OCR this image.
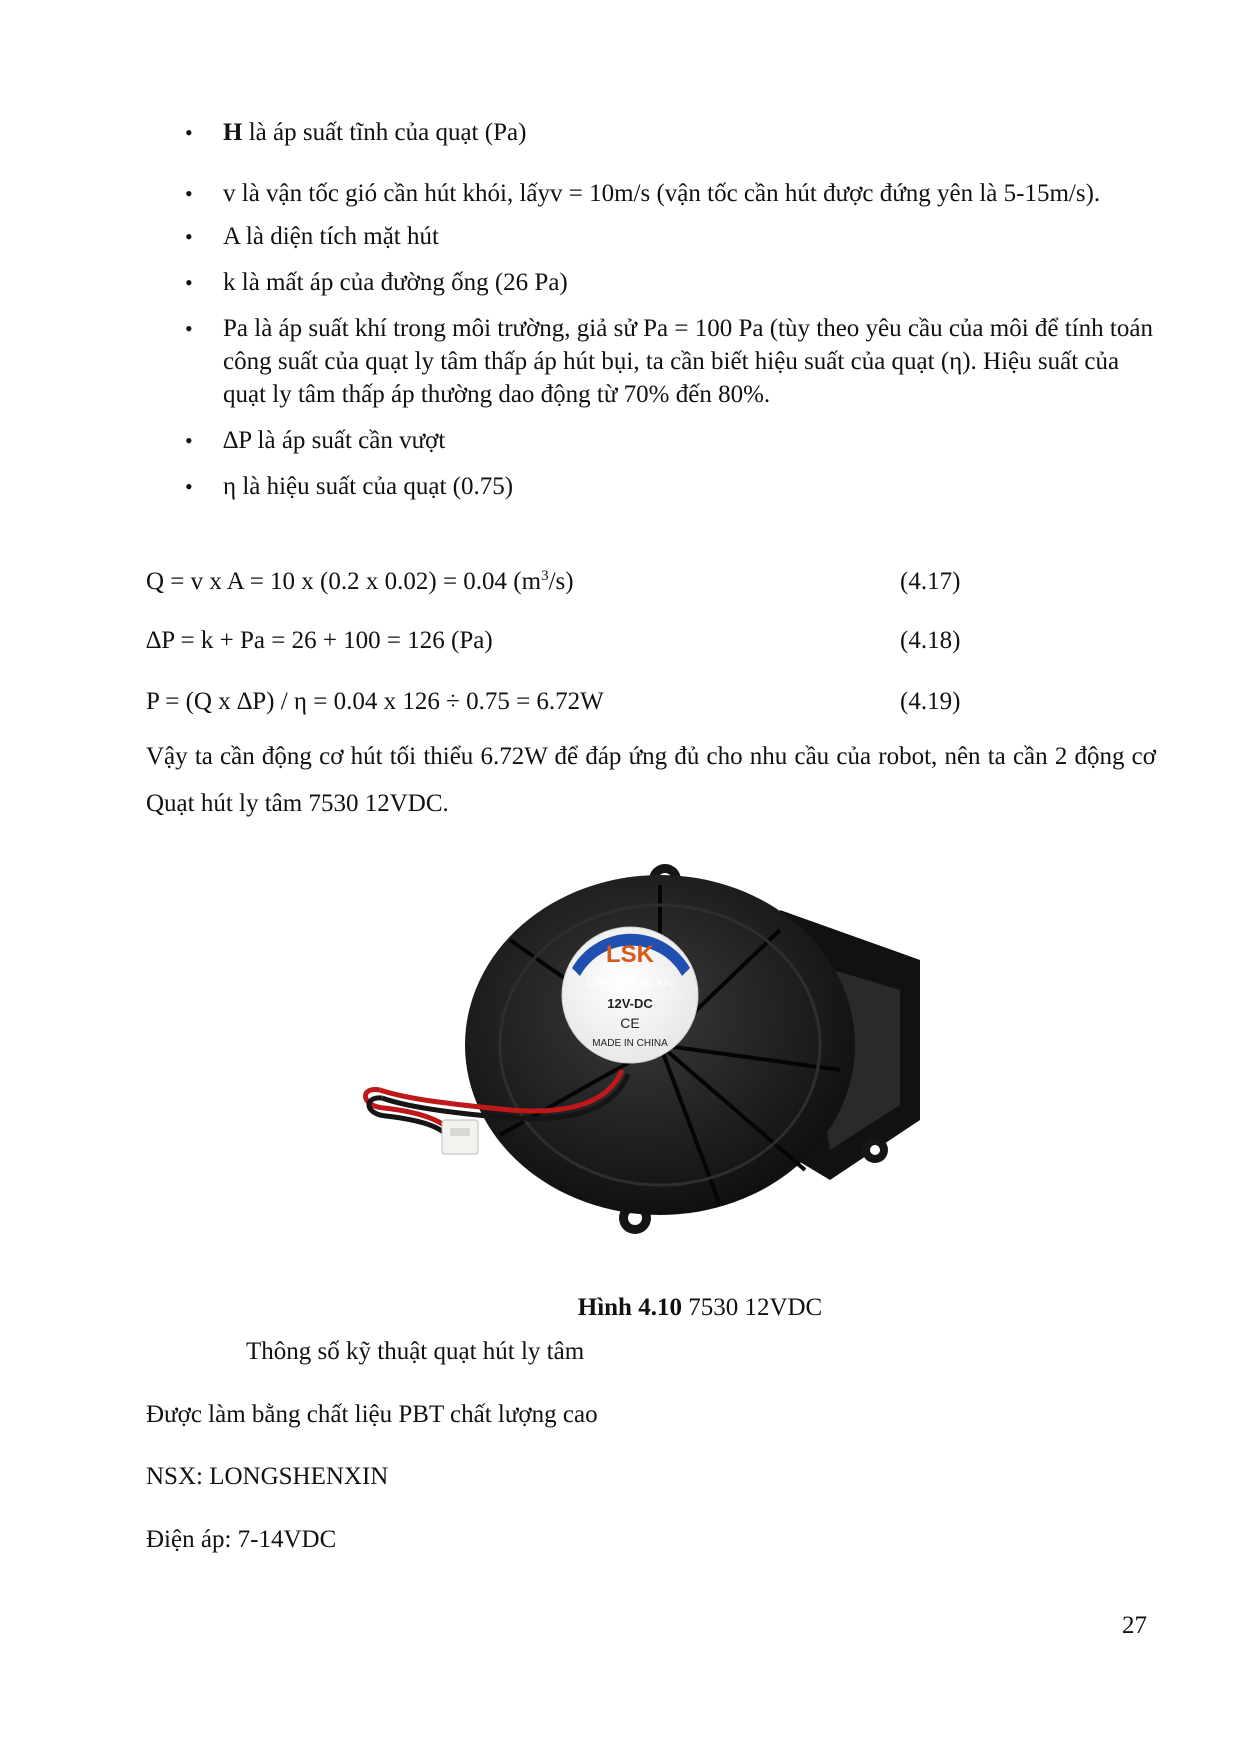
• H là áp suất tĩnh của quạt (Pa)
• v là vận tốc gió cần hút khói, lấyv = 10m/s (vận tốc cần hút được đứng yên là 5-15m/s).
• A là diện tích mặt hút
• k là mất áp của đường ống (26 Pa)
• Pa là áp suất khí trong môi trường, giả sử Pa = 100 Pa (tùy theo yêu cầu của môi để tính toán công suất của quạt ly tâm thấp áp hút bụi, ta cần biết hiệu suất của quạt (η). Hiệu suất của quạt ly tâm thấp áp thường dao động từ 70% đến 80%.
• ∆P là áp suất cần vượt
• η là hiệu suất của quạt (0.75)
Q = v x A = 10 x (0.2 x 0.02) = 0.04 $(m^3/s)$	(4.17)
∆P = k + Pa = 26 + 100 = 126 (Pa)	(4.18)
P = (Q x ∆P) / η = 0.04 x 126 ÷ 0.75 = 6.72W	(4.19)
Vậy ta cần động cơ hút tối thiểu 6.72W để đáp ứng đủ cho nhu cầu của robot, nên ta cần 2 động cơ Quạt hút ly tâm 7530 12VDC.
LSK
LONG SHENG XIN
12V-DC
CE
MADE IN CHINA
Hình 4.10 7530 12VDC
Thông số kỹ thuật quạt hút ly tâm
Được làm bằng chất liệu PBT chất lượng cao
NSX: LONGSHENXIN
Điện áp: 7-14VDC
27
